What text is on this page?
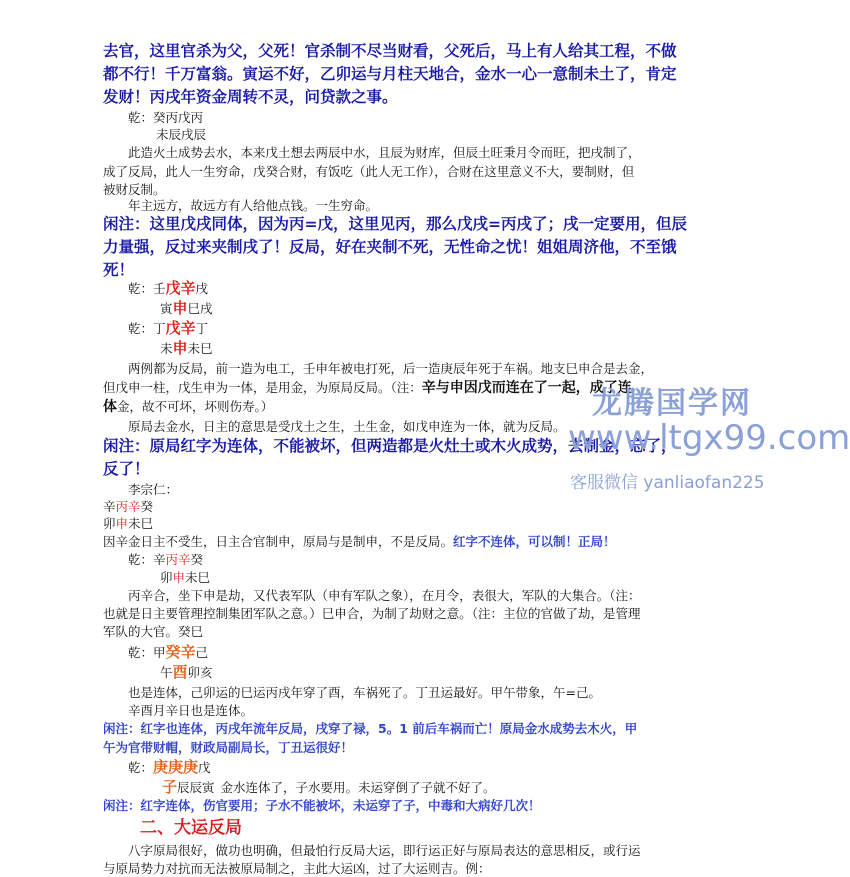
去官，这里官杀为父，父死！官杀制不尽当财看，父死后，马上有人给其工程，不做
都不行！千万富翁。寅运不好，乙卯运与月柱天地合，金水一心一意制未土了，肯定
发财！丙戌年资金周转不灵，问贷款之事。
乾：癸丙戊丙
未辰戌辰
此造火土成势去水，本来戊土想去两辰中水，且辰为财库，但辰土旺秉月令而旺，把戌制了，
成了反局，此人一生穷命，戊癸合财，有饭吃（此人无工作），合财在这里意义不大，要制财，但
被财反制。
年主远方，故远方有人给他点钱。一生穷命。
闲注：这里戊戌同体，因为丙=戊，这里见丙，那么戊戌=丙戌了；戌一定要用，但辰
力量强，反过来夹制戌了！反局，好在夹制不死，无性命之忧！姐姐周济他，不至饿
死！
乾：壬戊辛戌
寅申巳戌
乾：丁戊辛丁
未申未巳
两例都为反局，前一造为电工，壬申年被电打死，后一造庚辰年死于车祸。地支巳申合是去金，
但戊申一柱，戊生申为一体，是用金，为原局反局。（注：辛与申因戊而连在了一起，成了连
体金，故不可坏，坏则伤寿。）
原局去金水，日主的意思是受戊土之生，土生金，如戊申连为一体，就为反局。
闲注：原局红字为连体，不能被坏，但两造都是火灶土或木火成势，去制金，忘了，
反了！
李宗仁：
辛丙辛癸
卯申未巳
因辛金日主不受生，日主合官制申，原局与是制申，不是反局。红字不连体，可以制！正局！
乾：辛丙辛癸
卯申未巳
丙辛合，坐下申是劫，又代表军队（申有军队之象），在月令，表很大，军队的大集合。（注：
也就是日主要管理控制集团军队之意。）巳申合，为制了劫财之意。（注：主位的官做了劫，是管理
军队的大官。癸巳
乾：甲癸辛己
午酉卯亥
也是连体，己卯运的巳运丙戌年穿了酉，车祸死了。丁丑运最好。甲午带象，午=己。
辛酉月辛日也是连体。
闲注：红字也连体，丙戌年流年反局，戌穿了禄，5。1 前后车祸而亡！原局金水成势去木火，甲
午为官带财帽，财政局副局长，丁丑运很好！
乾：庚庚庚戊
子辰辰寅 金水连体了，子水要用。未运穿倒了子就不好了。
闲注：红字连体，伤官要用；子水不能被坏，未运穿了子，中毒和大病好几次！
二、大运反局
八字原局很好，做功也明确，但最怕行反局大运，即行运正好与原局表达的意思相反，或行运
与原局势力对抗而无法被原局制之，主此大运凶，过了大运则吉。例：
龙腾国学网
www.ltgx99.com
客服微信 yanliaofan225
